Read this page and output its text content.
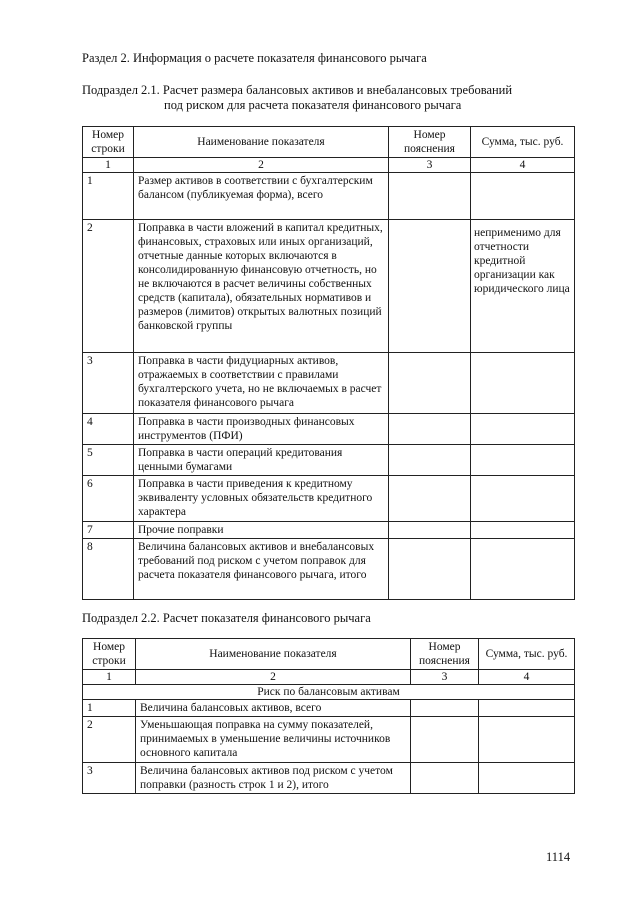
Раздел 2. Информация о расчете показателя финансового рычага
Подраздел 2.1. Расчет размера балансовых активов и внебалансовых требований
под риском для расчета показателя финансового рычага
Номер строки	Наименование показателя	Номер пояснения	Сумма, тыс. руб.
1	2	3	4
1	Размер активов в соответствии с бухгалтерским балансом (публикуемая форма), всего		
2	Поправка в части вложений в капитал кредитных, финансовых, страховых или иных организаций, отчетные данные которых включаются в консолидированную финансовую отчетность, но не включаются в расчет величины собственных средств (капитала), обязательных нормативов и размеров (лимитов) открытых валютных позиций банковской группы		неприменимо для отчетности кредитной организации как юридического лица
3	Поправка в части фидуциарных активов, отражаемых в соответствии с правилами бухгалтерского учета, но не включаемых в расчет показателя финансового рычага		
4	Поправка в части производных финансовых инструментов (ПФИ)		
5	Поправка в части операций кредитования ценными бумагами		
6	Поправка в части приведения к кредитному эквиваленту условных обязательств кредитного характера		
7	Прочие поправки		
8	Величина балансовых активов и внебалансовых требований под риском с учетом поправок для расчета показателя финансового рычага, итого		
Подраздел 2.2. Расчет показателя финансового рычага
Номер строки	Наименование показателя	Номер пояснения	Сумма, тыс. руб.
1	2	3	4
Риск по балансовым активам			
1	Величина балансовых активов, всего		
2	Уменьшающая поправка на сумму показателей, принимаемых в уменьшение величины источников основного капитала		
3	Величина балансовых активов под риском с учетом поправки (разность строк 1 и 2), итого		
1114
